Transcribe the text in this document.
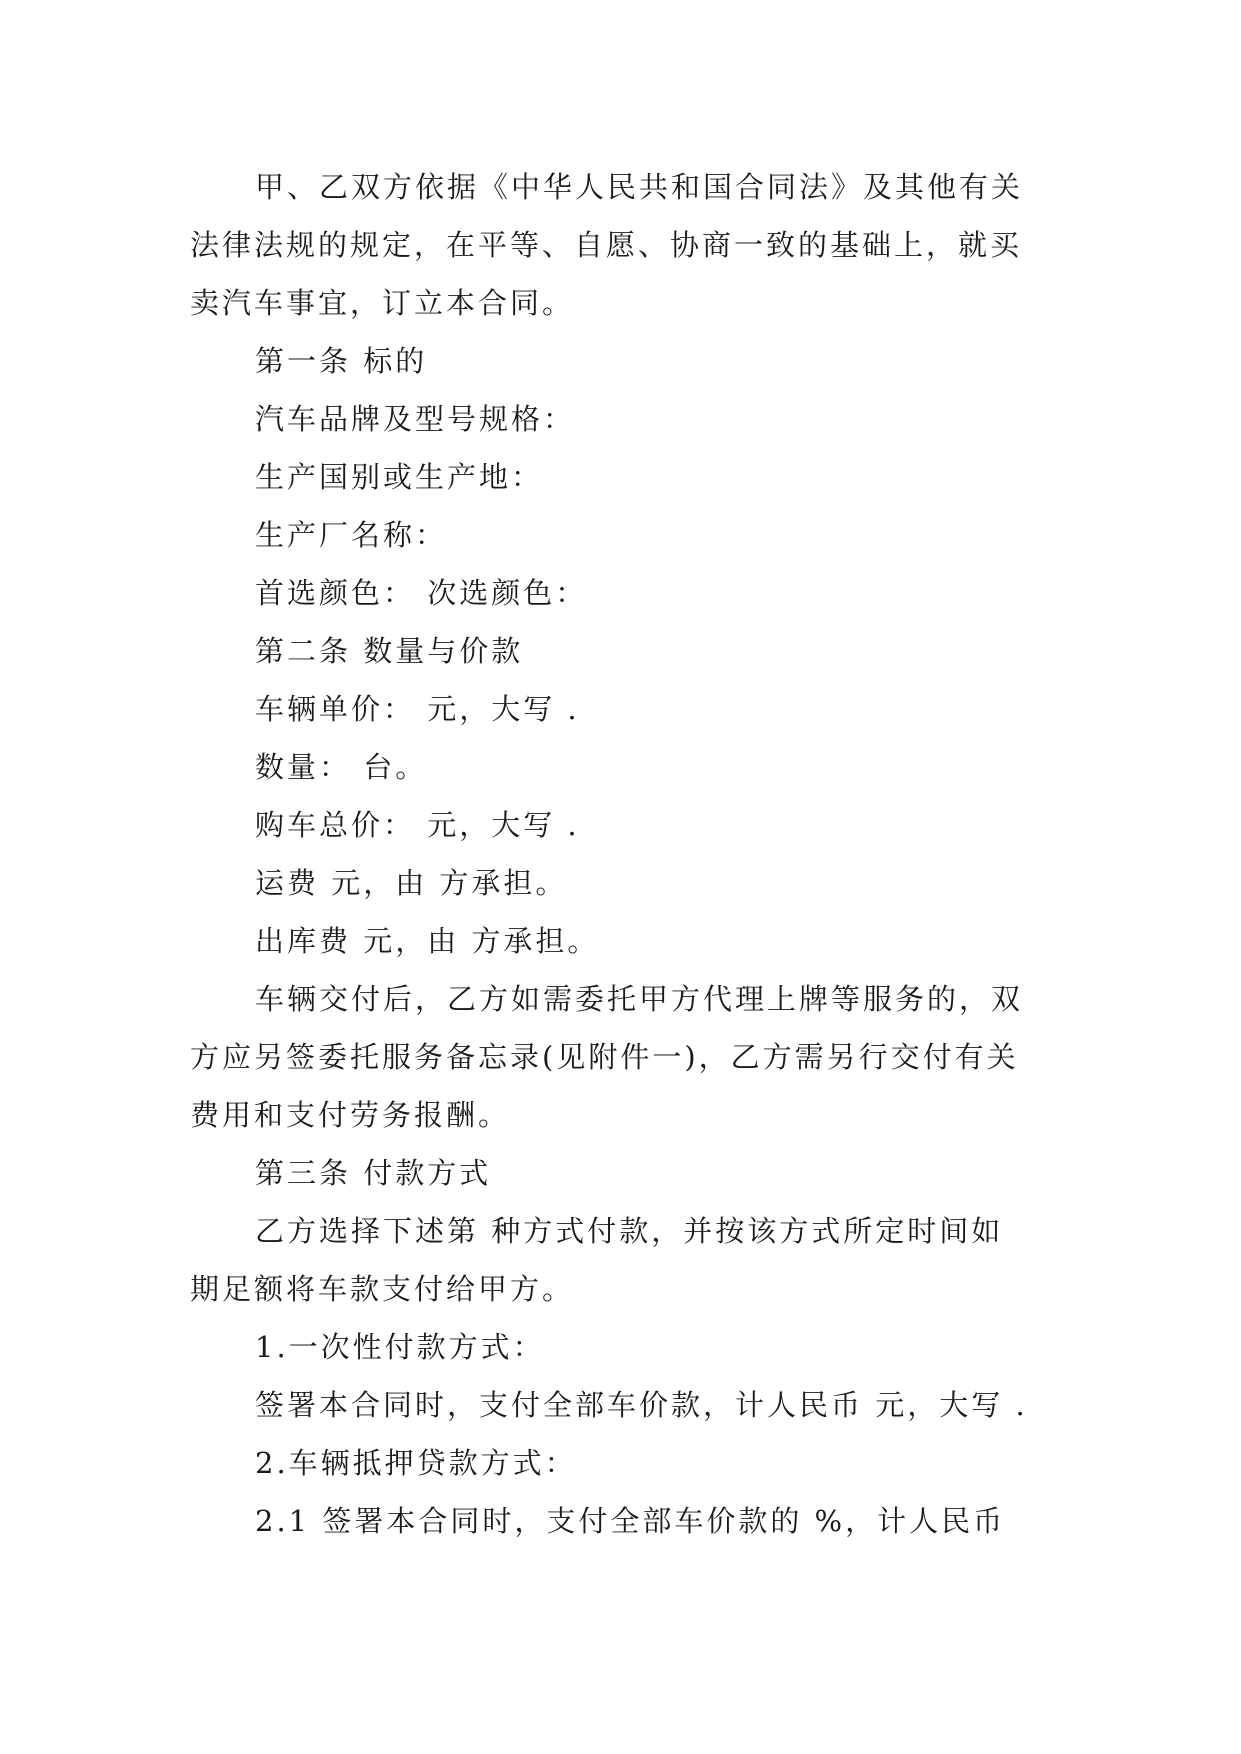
甲、乙双方依据《中华人民共和国合同法》及其他有关
法律法规的规定，在平等、自愿、协商一致的基础上，就买
卖汽车事宜，订立本合同。

第一条 标的

汽车品牌及型号规格：

生产国别或生产地：

生产厂名称：

首选颜色： 次选颜色：

第二条 数量与价款

车辆单价： 元，大写 .

数量： 台。

购车总价： 元，大写 .

运费 元，由 方承担。

出库费 元，由 方承担。

车辆交付后，乙方如需委托甲方代理上牌等服务的，双
方应另签委托服务备忘录(见附件一)，乙方需另行交付有关
费用和支付劳务报酬。

第三条 付款方式

乙方选择下述第 种方式付款，并按该方式所定时间如
期足额将车款支付给甲方。

1.一次性付款方式：

签署本合同时，支付全部车价款，计人民币 元，大写 .

2.车辆抵押贷款方式：

2.1 签署本合同时，支付全部车价款的 %，计人民币
